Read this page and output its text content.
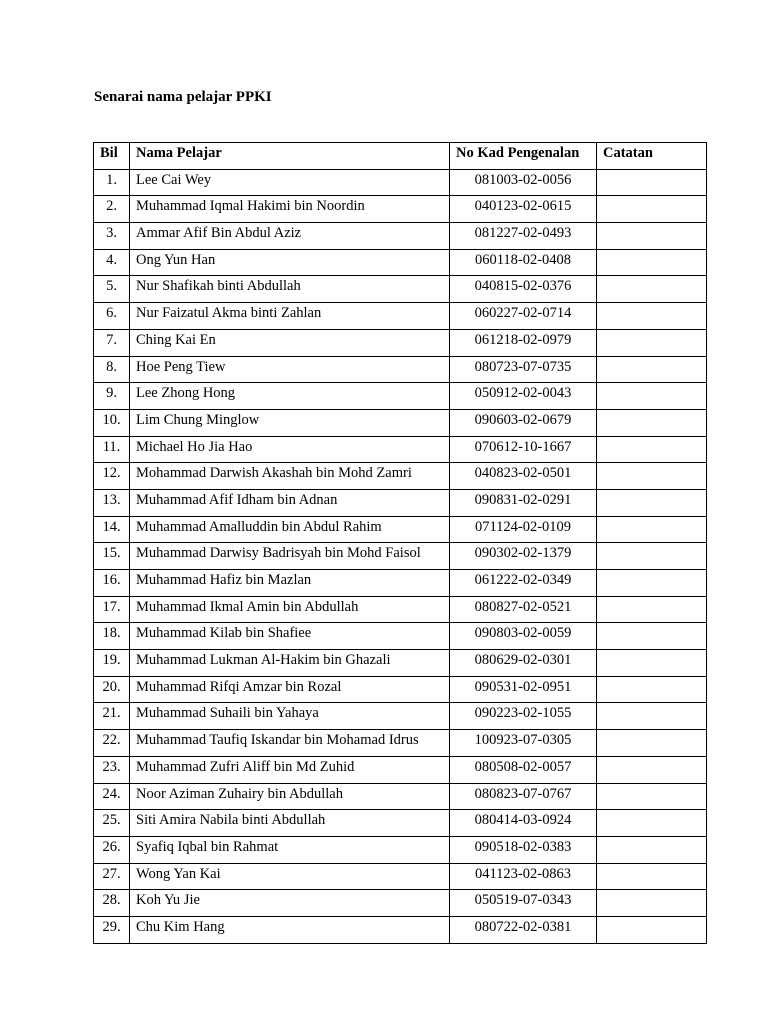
Senarai nama pelajar PPKI
Bil	Nama Pelajar	No Kad Pengenalan	Catatan
1.	Lee Cai Wey	081003-02-0056	
2.	Muhammad Iqmal Hakimi bin Noordin	040123-02-0615	
3.	Ammar Afif Bin Abdul Aziz	081227-02-0493	
4.	Ong Yun Han	060118-02-0408	
5.	Nur Shafikah binti Abdullah	040815-02-0376	
6.	Nur Faizatul Akma binti Zahlan	060227-02-0714	
7.	Ching Kai En	061218-02-0979	
8.	Hoe Peng Tiew	080723-07-0735	
9.	Lee Zhong Hong	050912-02-0043	
10.	Lim Chung Minglow	090603-02-0679	
11.	Michael Ho Jia Hao	070612-10-1667	
12.	Mohammad Darwish Akashah bin Mohd Zamri	040823-02-0501	
13.	Muhammad Afif Idham bin Adnan	090831-02-0291	
14.	Muhammad Amalluddin bin Abdul Rahim	071124-02-0109	
15.	Muhammad Darwisy Badrisyah bin Mohd Faisol	090302-02-1379	
16.	Muhammad Hafiz bin Mazlan	061222-02-0349	
17.	Muhammad Ikmal Amin bin Abdullah	080827-02-0521	
18.	Muhammad Kilab bin Shafiee	090803-02-0059	
19.	Muhammad Lukman Al-Hakim bin Ghazali	080629-02-0301	
20.	Muhammad Rifqi Amzar bin Rozal	090531-02-0951	
21.	Muhammad Suhaili bin Yahaya	090223-02-1055	
22.	Muhammad Taufiq Iskandar bin Mohamad Idrus	100923-07-0305	
23.	Muhammad Zufri Aliff bin Md Zuhid	080508-02-0057	
24.	Noor Aziman Zuhairy bin Abdullah	080823-07-0767	
25.	Siti Amira Nabila binti Abdullah	080414-03-0924	
26.	Syafiq Iqbal bin Rahmat	090518-02-0383	
27.	Wong Yan Kai	041123-02-0863	
28.	Koh Yu Jie	050519-07-0343	
29.	Chu Kim Hang	080722-02-0381	
